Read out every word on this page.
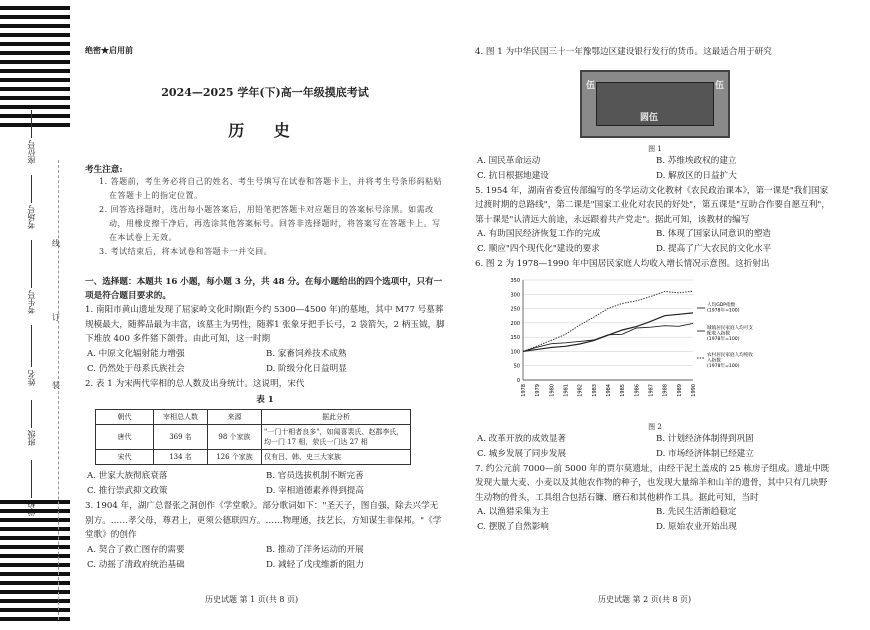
座位号
考场号
考生号
姓名
班级
学校
线
订
装
绝密★启用前
2024—2025 学年(下)高一年级摸底考试
历 史
考生注意:
1. 答题前，考生务必将自己的姓名、考生号填写在试卷和答题卡上，并将考生号条形码粘贴在答题卡上的指定位置。
2. 回答选择题时，选出每小题答案后，用铅笔把答题卡对应题目的答案标号涂黑。如需改动，用橡皮擦干净后，再选涂其他答案标号。回答非选择题时，将答案写在答题卡上。写在本试卷上无效。
3. 考试结束后，将本试卷和答题卡一并交回。
一、选择题：本题共 16 小题，每小题 3 分，共 48 分。在每小题给出的四个选项中，只有一项是符合题目要求的。
1. 南阳市黄山遗址发现了屈家岭文化时期(距今约 5300—4500 年)的墓地，其中 M77 号墓葬规模最大，随葬品最为丰富，该墓主为男性，随葬1 张象牙把手长弓，2 袋箭矢，2 柄玉钺，脚下堆放 400 多件猪下颌骨。由此可知，这一时期
A. 中原文化辐射能力增强	B. 家畜饲养技术成熟
C. 仍然处于母系氏族社会	D. 阶级分化日益明显
2. 表 1 为宋两代宰相的总人数及出身统计。这说明，宋代
表 1
朝代	宰相总人数	来源	据此分析
唐代	369 名	98 个家族	"一门十相者良多"，如闻喜裴氏、赵郡李氏，均一门 17 相，荥氏一门达 27 相
宋代	134 名	126 个家族	仅有吕、韩、史三大家族
A. 世家大族彻底衰落	B. 官员选拔机制不断完善
C. 推行崇武抑文政策	D. 宰相道德素养得到提高
3. 1904 年，湖广总督张之洞创作《学堂歌》。部分歌词如下："圣天子，图自强，除去兴学无别方。……孝父母，尊君上，更须公德联四方。……物理通，技艺长，方知谋生非保邦。"《学堂歌》的创作
A. 契合了救亡图存的需要	B. 推动了洋务运动的开展
C. 动摇了清政府统治基础	D. 减轻了戊戌维新的阻力
历史试题 第 1 页(共 8 页)
4. 图 1 为中华民国三十一年豫鄂边区建设银行发行的货币。这最适合用于研究
伍	伍
圆伍
图 1
A. 国民革命运动	B. 苏维埃政权的建立
C. 抗日根据地建设	D. 解放区的日益扩大
5. 1954 年，湖南省委宣传部编写的冬学运动文化教材《农民政治课本》，第一课是"我们国家过渡时期的总路线"，第二课是"国家工业化对农民的好处"，第五课是"互助合作要自愿互利"，第十课是"认清远大前途，永远跟着共产党走"。据此可知，该教材的编写
A. 有助国民经济恢复工作的完成	B. 体现了国家认同意识的塑造
C. 顺应"四个现代化"建设的要求	D. 提高了广大农民的文化水平
6. 图 2 为 1978—1990 年中国居民家庭人均收入增长情况示意图。这折射出
0
50
100
150
200
250
300
350
1978 1979 1980 1981 1982 1983 1984 1985 1986 1987 1988 1989 1990
人均GDP指数(1978年=100)
城镇居民家庭人均可支配收入指数(1978年=100)
农村居民家庭人均纯收入指数(1978年=100)
图 2
A. 改革开放的成效显著	B. 计划经济体制得到巩固
C. 城乡发展了同步发展	D. 市场经济体制已经建立
7. 约公元前 7000—前 5000 年的贾尔莫遗址，由经干泥土盖成的 25 栋房子组成。遗址中既发现大量大麦、小麦以及其他农作物的种子，也发现大量绵羊和山羊的遗骨，其中只有几块野生动物的骨头，工具组合包括石镰、磨石和其他耕作工具。据此可知，当时
A. 以渔猎采集为主	B. 先民生活渐趋稳定
C. 摆脱了自然影响	D. 原始农业开始出现
历史试题 第 2 页(共 8 页)
